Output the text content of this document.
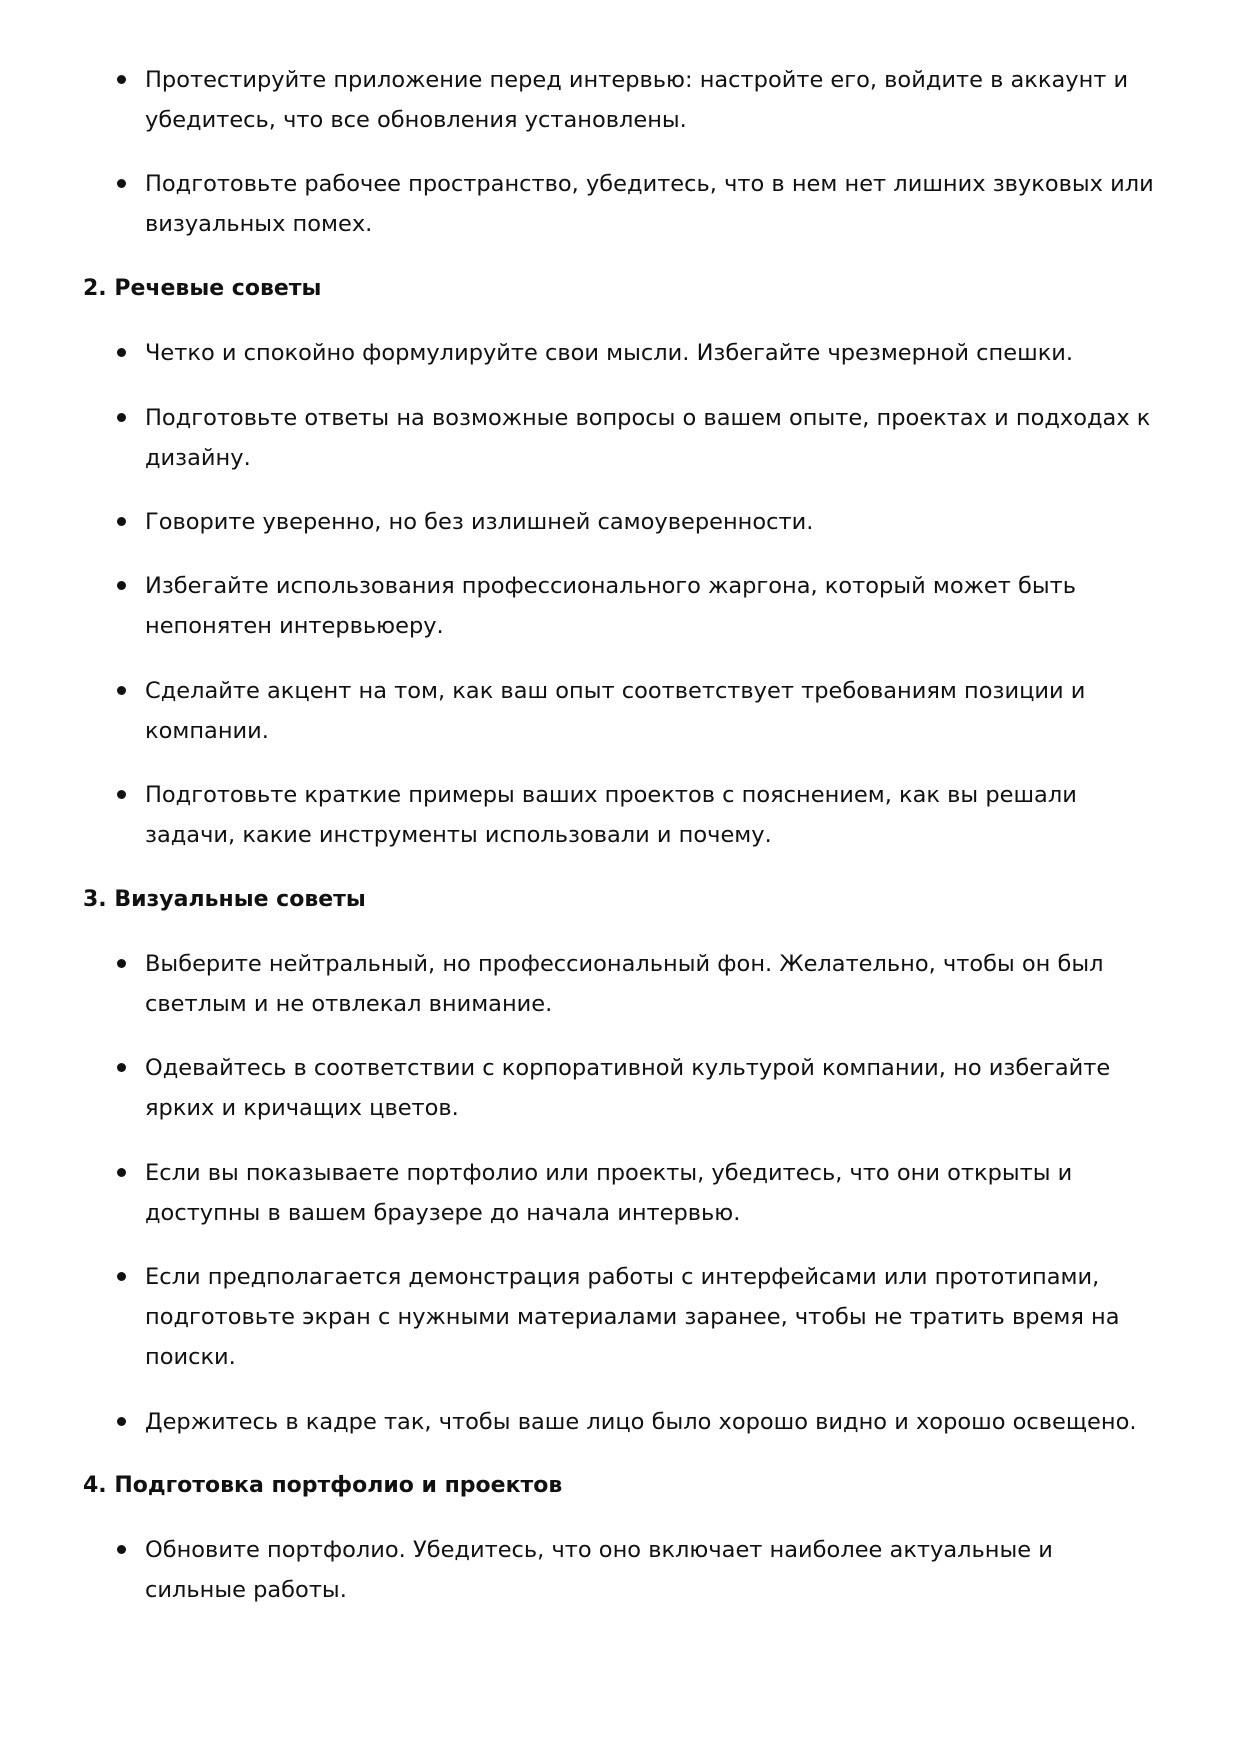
Протестируйте приложение перед интервью: настройте его, войдите в аккаунт и убедитесь, что все обновления установлены.
Подготовьте рабочее пространство, убедитесь, что в нем нет лишних звуковых или визуальных помех.
2. Речевые советы
Четко и спокойно формулируйте свои мысли. Избегайте чрезмерной спешки.
Подготовьте ответы на возможные вопросы о вашем опыте, проектах и подходах к дизайну.
Говорите уверенно, но без излишней самоуверенности.
Избегайте использования профессионального жаргона, который может быть непонятен интервьюеру.
Сделайте акцент на том, как ваш опыт соответствует требованиям позиции и компании.
Подготовьте краткие примеры ваших проектов с пояснением, как вы решали задачи, какие инструменты использовали и почему.
3. Визуальные советы
Выберите нейтральный, но профессиональный фон. Желательно, чтобы он был светлым и не отвлекал внимание.
Одевайтесь в соответствии с корпоративной культурой компании, но избегайте ярких и кричащих цветов.
Если вы показываете портфолио или проекты, убедитесь, что они открыты и доступны в вашем браузере до начала интервью.
Если предполагается демонстрация работы с интерфейсами или прототипами, подготовьте экран с нужными материалами заранее, чтобы не тратить время на поиски.
Держитесь в кадре так, чтобы ваше лицо было хорошо видно и хорошо освещено.
4. Подготовка портфолио и проектов
Обновите портфолио. Убедитесь, что оно включает наиболее актуальные и сильные работы.
